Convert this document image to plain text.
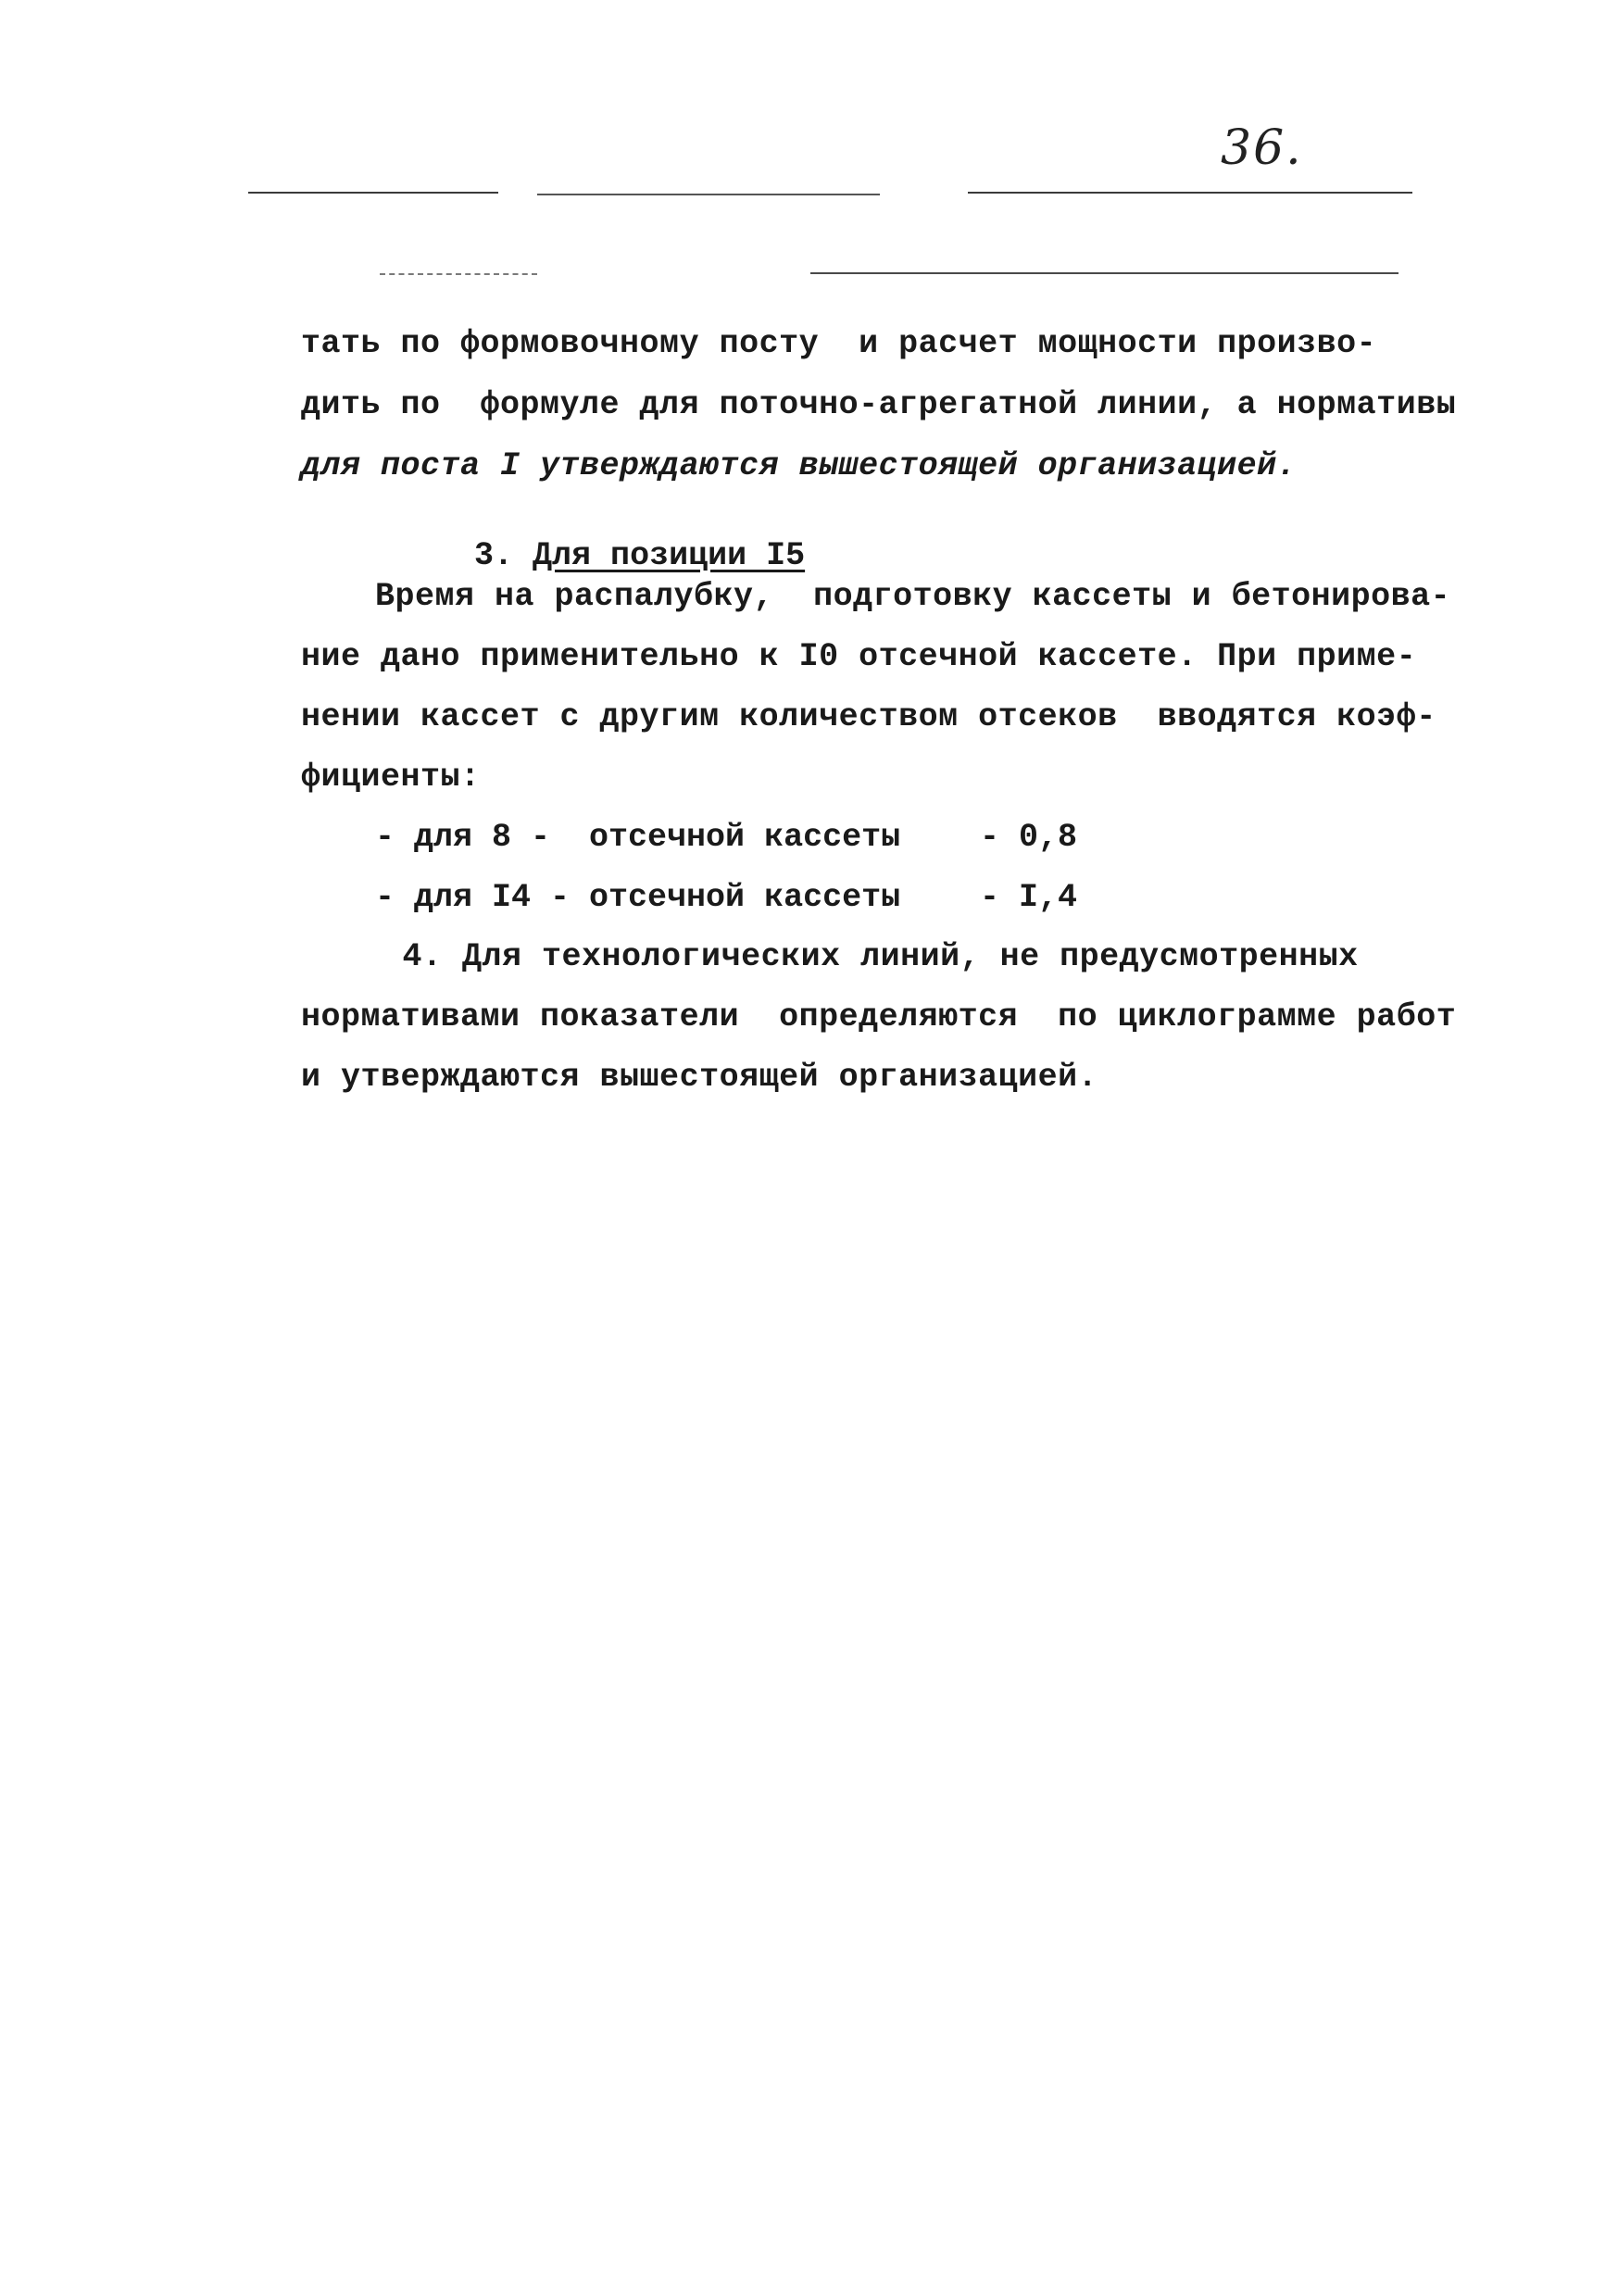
36.
тать по формовочному посту  и расчет мощности произво-
дить по  формуле для поточно-агрегатной линии, а нормативы
для поста I утверждаются вышестоящей организацией.

3. Для позиции I5

Время на распалубку,  подготовку кассеты и бетонирова-
ние дано применительно к I0 отсечной кассете. При приме-
нении кассет с другим количеством отсеков  вводятся коэф-
фициенты:
- для 8 -  отсечной кассеты - 0,8
- для I4 - отсечной кассеты - I,4
4. Для технологических линий, не предусмотренных
нормативами показатели  определяются  по циклограмме работ
и утверждаются вышестоящей организацией.
